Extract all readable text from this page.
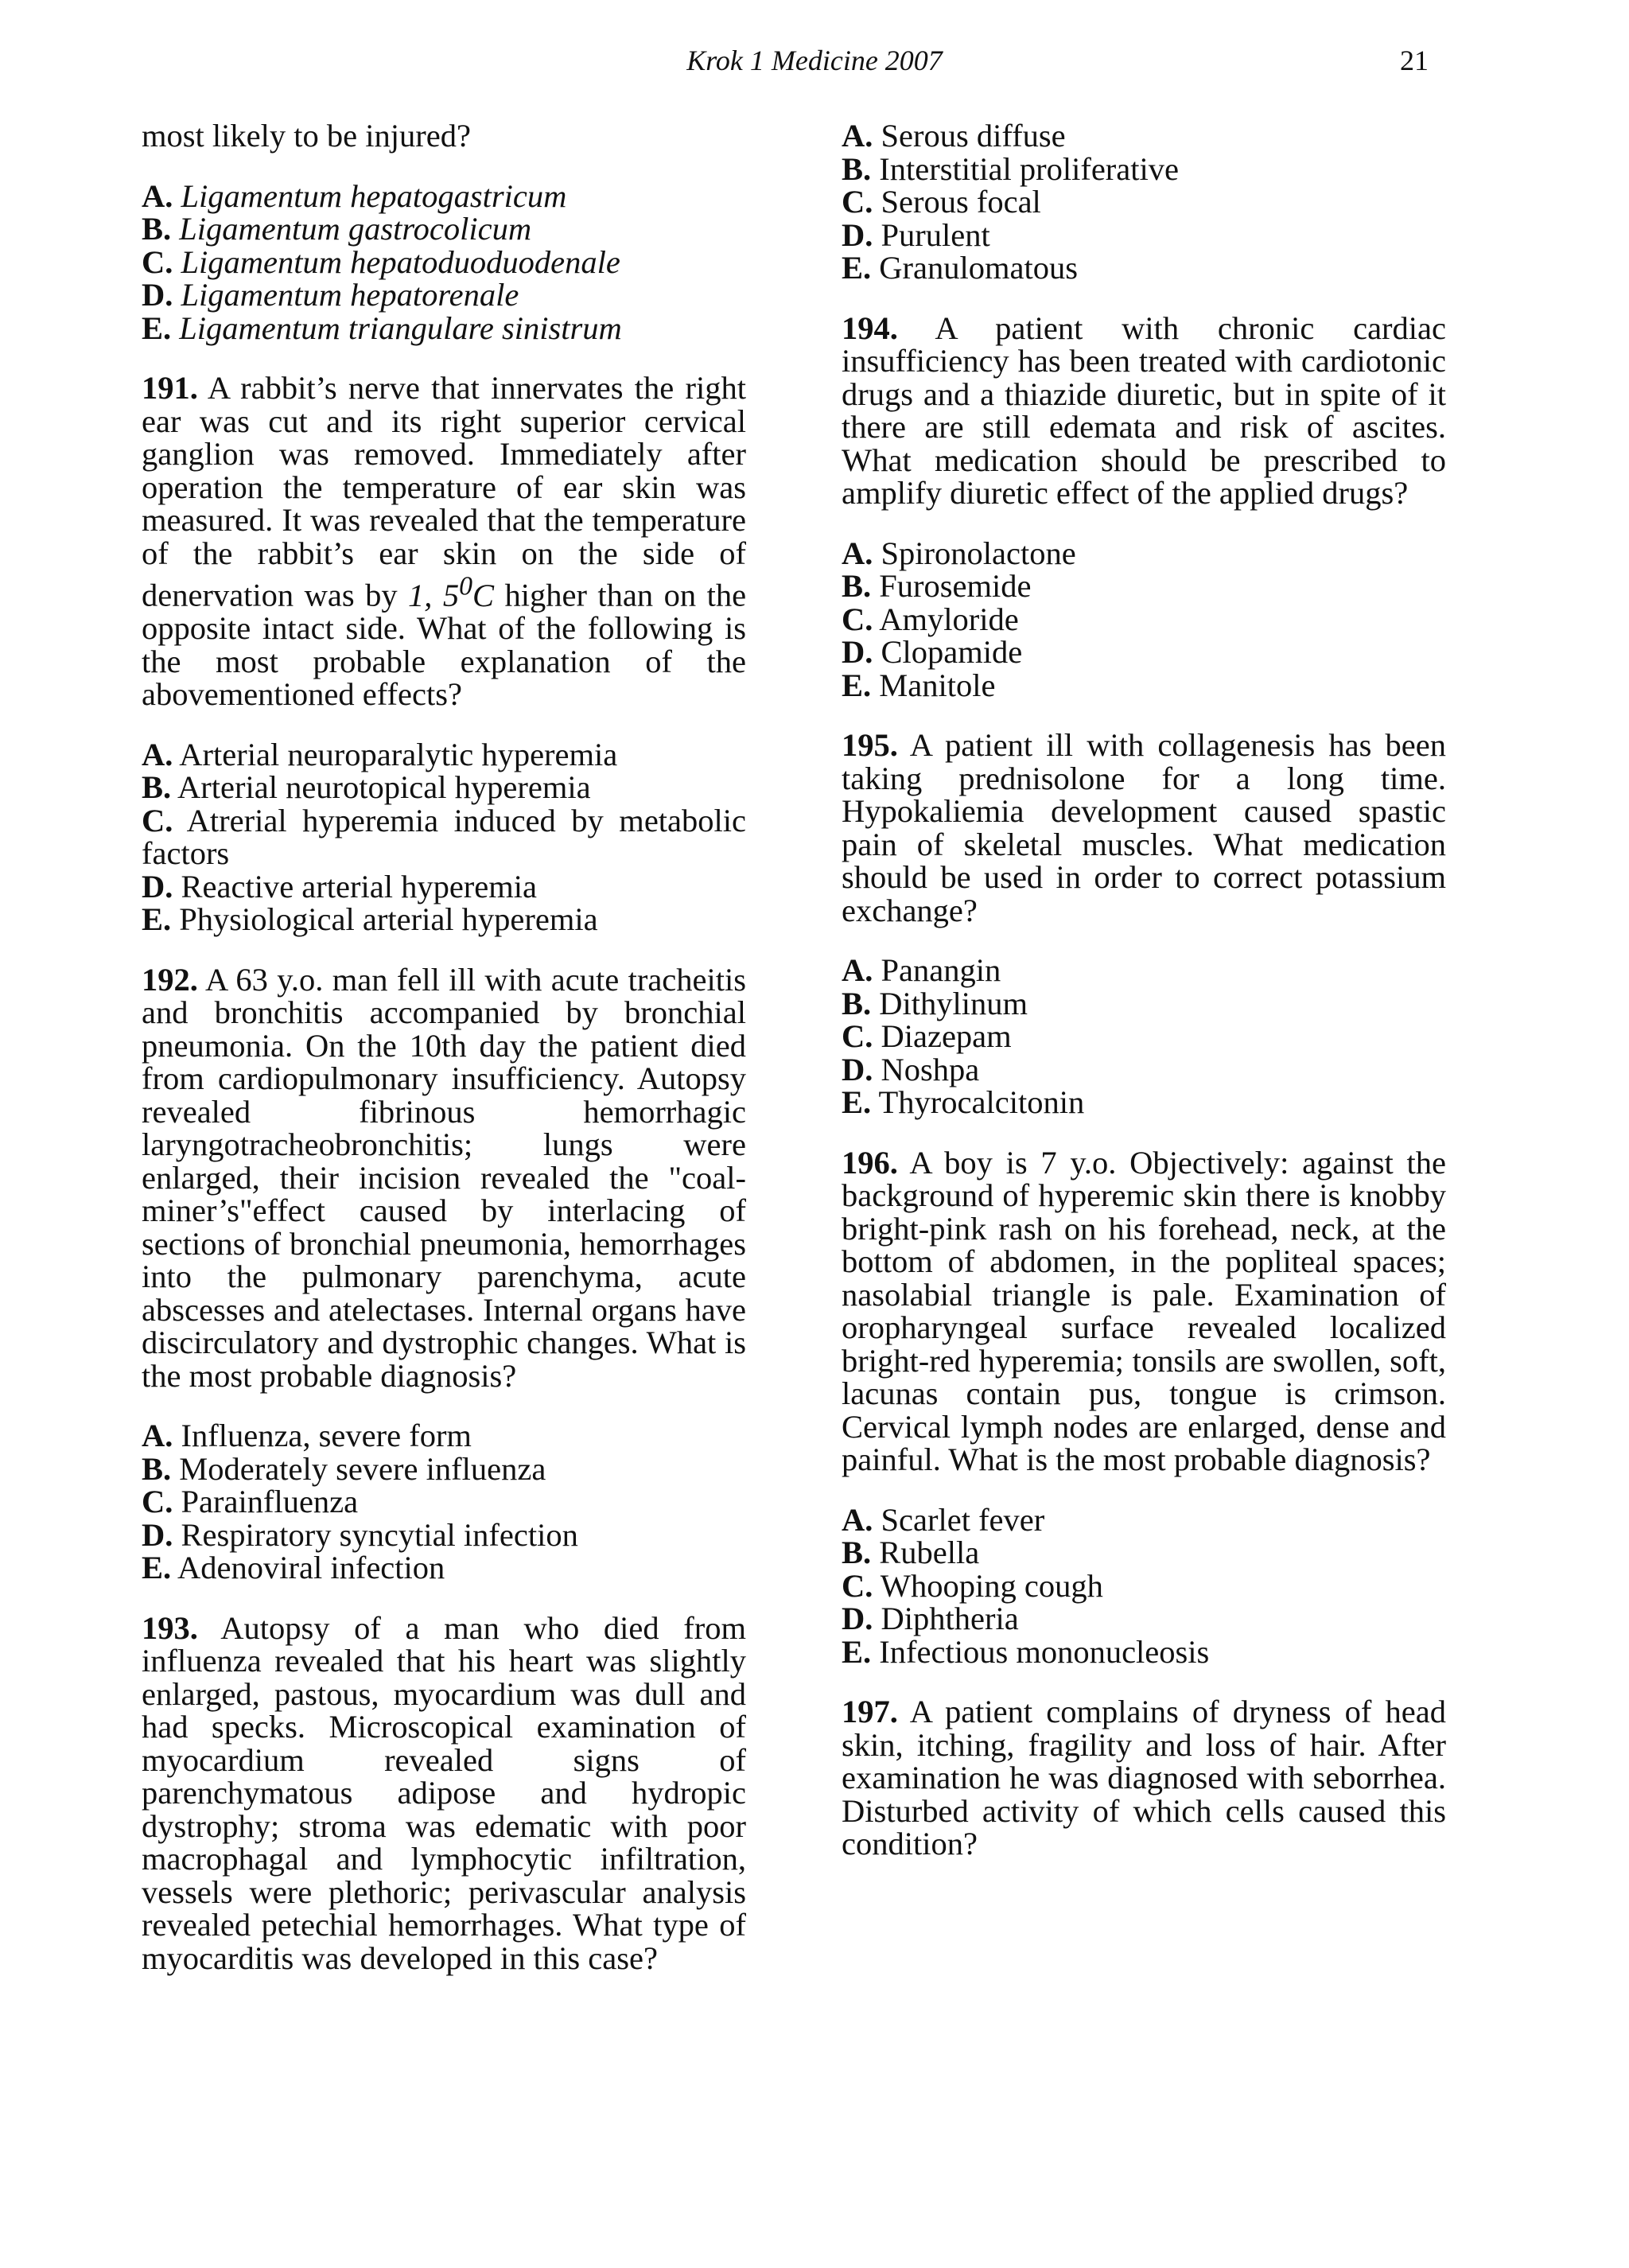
Krok 1 Medicine 2007	21

most likely to be injured?

A. Ligamentum hepatogastricum
B. Ligamentum gastrocolicum
C. Ligamentum hepatoduoduodenale
D. Ligamentum hepatorenale
E. Ligamentum triangulare sinistrum

191. A rabbit’s nerve that innervates the right ear was cut and its right superior cervical ganglion was removed. Immediately after operation the temperature of ear skin was measured. It was revealed that the temperature of the rabbit’s ear skin on the side of denervation was by 1, $5^0C$ higher than on the opposite intact side. What of the following is the most probable explanation of the abovementioned effects?

A. Arterial neuroparalytic hyperemia
B. Arterial neurotopical hyperemia
C. Atrerial hyperemia induced by metabolic factors
D. Reactive arterial hyperemia
E. Physiological arterial hyperemia

192. A 63 y.o. man fell ill with acute tracheitis and bronchitis accompanied by bronchial pneumonia. On the 10th day the patient died from cardiopulmonary insufficiency. Autopsy revealed fibrinous hemorrhagic laryngotracheobronchitis; lungs were enlarged, their incision revealed the "coal-miner’s"effect caused by interlacing of sections of bronchial pneumonia, hemorrhages into the pulmonary parenchyma, acute abscesses and atelectases. Internal organs have discirculatory and dystrophic changes. What is the most probable diagnosis?

A. Influenza, severe form
B. Moderately severe influenza
C. Parainfluenza
D. Respiratory syncytial infection
E. Adenoviral infection

193. Autopsy of a man who died from influenza revealed that his heart was slightly enlarged, pastous, myocardium was dull and had specks. Microscopical examination of myocardium revealed signs of parenchymatous adipose and hydropic dystrophy; stroma was edematic with poor macrophagal and lymphocytic infiltration, vessels were plethoric; perivascular analysis revealed petechial hemorrhages. What type of myocarditis was developed in this case?

A. Serous diffuse
B. Interstitial proliferative
C. Serous focal
D. Purulent
E. Granulomatous

194. A patient with chronic cardiac insufficiency has been treated with cardiotonic drugs and a thiazide diuretic, but in spite of it there are still edemata and risk of ascites. What medication should be prescribed to amplify diuretic effect of the applied drugs?

A. Spironolactone
B. Furosemide
C. Amyloride
D. Clopamide
E. Manitole

195. A patient ill with collagenesis has been taking prednisolone for a long time. Hypokaliemia development caused spastic pain of skeletal muscles. What medication should be used in order to correct potassium exchange?

A. Panangin
B. Dithylinum
C. Diazepam
D. Noshpa
E. Thyrocalcitonin

196. A boy is 7 y.o. Objectively: against the background of hyperemic skin there is knobby bright-pink rash on his forehead, neck, at the bottom of abdomen, in the popliteal spaces; nasolabial triangle is pale. Examination of oropharyngeal surface revealed localized bright-red hyperemia; tonsils are swollen, soft, lacunas contain pus, tongue is crimson. Cervical lymph nodes are enlarged, dense and painful. What is the most probable diagnosis?

A. Scarlet fever
B. Rubella
C. Whooping cough
D. Diphtheria
E. Infectious mononucleosis

197. A patient complains of dryness of head skin, itching, fragility and loss of hair. After examination he was diagnosed with seborrhea. Disturbed activity of which cells caused this condition?
